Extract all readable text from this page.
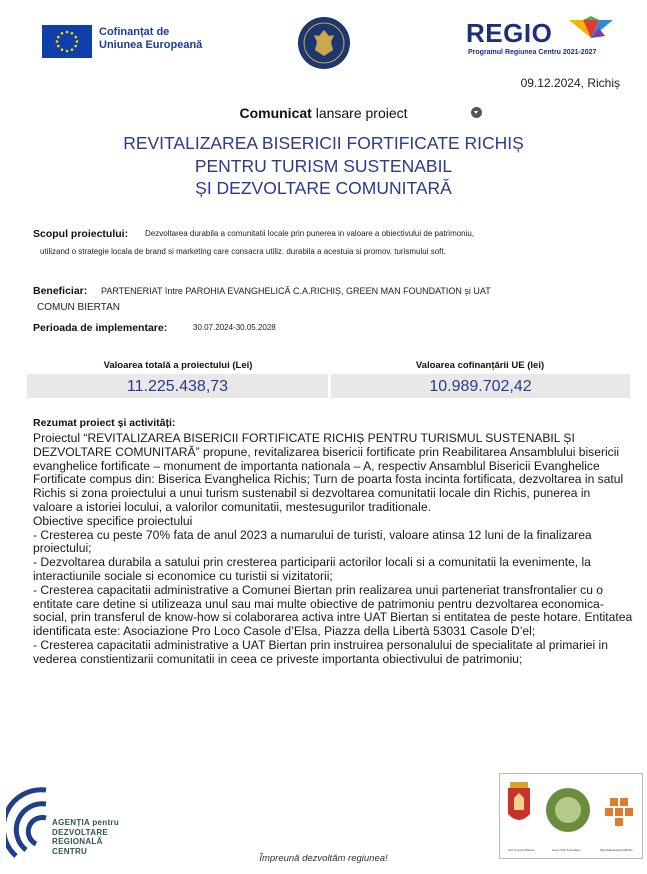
Cofinanțat de
Uniunea Europeană	REGIO
Programul Regiunea Centru 2021-2027
09.12.2024, Richiș
Comunicat lansare proiect
REVITALIZAREA BISERICII FORTIFICATE RICHIȘ
PENTRU TURISM SUSTENABIL
ȘI DEZVOLTARE COMUNITARĂ
Scopul proiectului: Dezvoltarea durabila a comunitatii locale prin punerea in valoare a obiectivului de patrimoniu,
utilizand o strategie locala de brand si marketing care consacra utiliz. durabila a acestuia si promov. turismului soft.
Beneficiar: PARTENERIAT între PAROHIA EVANGHELICĂ C.A.RICHIȘ, GREEN MAN FOUNDATION și UAT
COMUN BIERTAN
Perioada de implementare:	30.07.2024-30.05.2028
Valoarea totală a proiectului (Lei)	Valoarea cofinanțării UE (lei)
11.225.438,73	10.989.702,42
Rezumat proiect și activități:

Proiectul “REVITALIZAREA BISERICII FORTIFICATE RICHIȘ PENTRU TURISMUL SUSTENABIL ȘI DEZVOLTARE COMUNITARĂ” propune, revitalizarea bisericii fortificate prin Reabilitarea Ansamblului bisericii evanghelice fortificate – monument de importanta nationala – A, respectiv Ansamblul Bisericii Evanghelice Fortificate compus din: Biserica Evanghelica Richis; Turn de poarta fosta incinta fortificata, dezvoltarea in satul Richis si zona proiectului a unui turism sustenabil si dezvoltarea comunitatii locale din Richis, punerea in valoare a istoriei locului, a valorilor comunitatii, mestesugurilor traditionale.

Obiective specifice proiectului

- Cresterea cu peste 70% fata de anul 2023 a numarului de turisti, valoare atinsa 12 luni de la finalizarea proiectului;

- Dezvoltarea durabila a satului prin cresterea participarii actorilor locali si a comunitatii la evenimente, la interactiunile sociale si economice cu turistii si vizitatorii;

- Cresterea capacitatii administrative a Comunei Biertan prin realizarea unui parteneriat transfrontalier cu o entitate care detine si utilizeaza unul sau mai multe obiective de patrimoniu pentru dezvoltarea economica-social, prin transferul de know-how si colaborarea activa intre UAT Biertan si entitatea de peste hotare. Entitatea identificata este: Asociazione Pro Loco Casole d’Elsa, Piazza della Libertà 53031 Casole D’el;

- Cresterea capacitatii administrative a UAT Biertan prin instruirea personalului de specialitate al primariei in vederea constientizarii comunitatii in ceea ce priveste importanta obiectivului de patrimoniu;

AGENȚIA pentru
DEZVOLTARE
REGIONALĂ
CENTRU
Împreună dezvoltăm regiunea!
UAT Comuna Biertan	Green Man Foundation	ParohiaEvanghelicaRichis
